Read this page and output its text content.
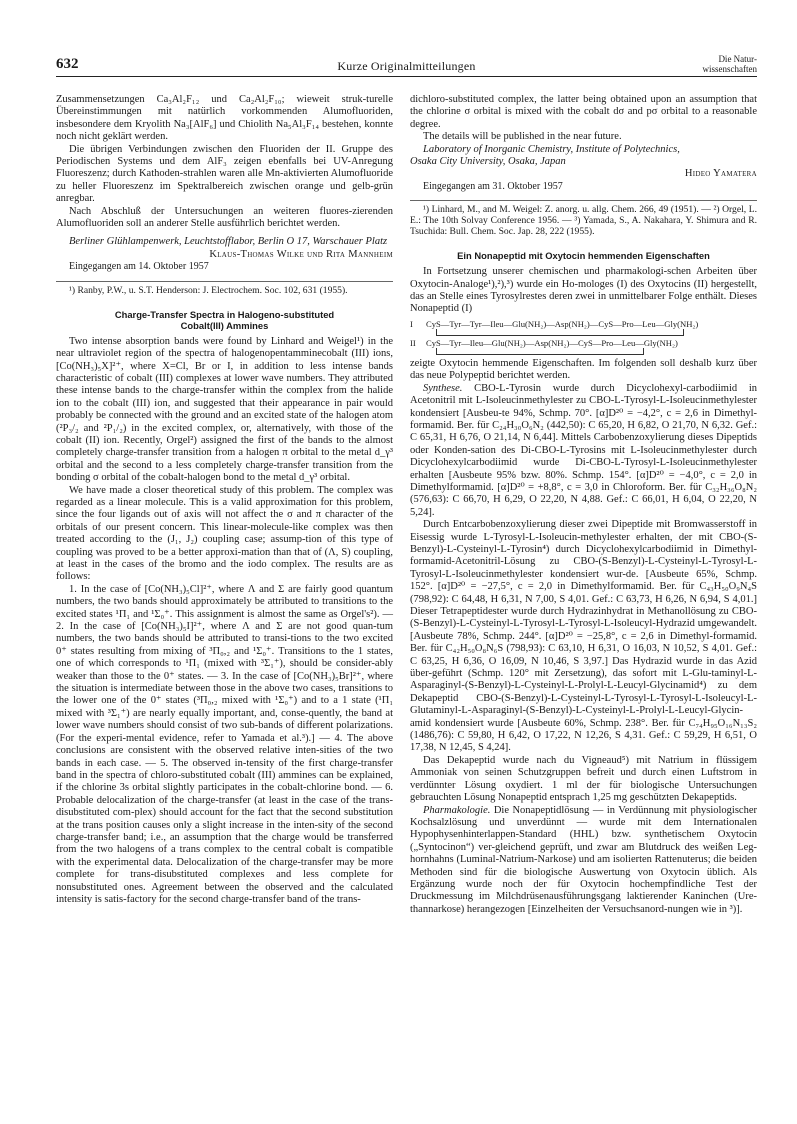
632	Kurze Originalmitteilungen	Die Natur-
wissenschaften

Zusammensetzungen Ca₃Al₂F₁₂ und Ca₂Al₂F₁₀; wieweit struk-turelle Übereinstimmungen mit natürlich vorkommenden Alumofluoriden, insbesondere dem Kryolith Na₃[AlF₆] und Chiolith Na₅Al₃F₁₄ bestehen, konnte noch nicht geklärt werden.

Die übrigen Verbindungen zwischen den Fluoriden der II. Gruppe des Periodischen Systems und dem AlF₃ zeigen ebenfalls bei UV-Anregung Fluoreszenz; durch Kathoden-strahlen waren alle Mn-aktivierten Alumofluoride zu heller Fluoreszenz im Spektralbereich zwischen orange und gelb-grün anregbar.

Nach Abschluß der Untersuchungen an weiteren fluores-zierenden Alumofluoriden soll an anderer Stelle ausführlich berichtet werden.

Berliner Glühlampenwerk, Leuchtstofflabor, Berlin O 17, Warschauer Platz

Klaus-Thomas Wilke und Rita Mannheim

Eingegangen am 14. Oktober 1957

¹) Ranby, P.W., u. S.T. Henderson: J. Electrochem. Soc. 102, 631 (1955).
Charge-Transfer Spectra in Halogeno-substituted
Cobalt(III) Ammines

Two intense absorption bands were found by Linhard and Weigel¹) in the near ultraviolet region of the spectra of halogenopentamminecobalt (III) ions, [Co(NH₃)₅X]²⁺, where X=Cl, Br or I, in addition to less intense bands characteristic of cobalt (III) complexes at lower wave numbers. They attributed these intense bands to the charge-transfer within the complex from the halide ion to the cobalt (III) ion, and suggested that their appearance in pair would probably be connected with the ground and an excited state of the halogen atom (²P₃/₂ and ²P₁/₂) in the excited complex, or, alternatively, with those of the cobalt (II) ion. Recently, Orgel²) assigned the first of the bands to the almost completely charge-transfer transition from a halogen π orbital to the metal d_γ³ orbital and the second to a less completely charge-transfer transition from the bonding σ orbital of the cobalt-halogen bond to the metal d_γ³ orbital.

We have made a closer theoretical study of this problem. The complex was regarded as a linear molecule. This is a valid approximation for this problem, since the four ligands out of axis will not affect the σ and π character of the orbitals of our present concern. This linear-molecule-like complex was then treated according to the (J₁, J₂) coupling case; assump-tion of this type of coupling was proved to be a better approxi-mation than that of (Λ, S) coupling, at least in the cases of the bromo and the iodo complex. The results are as follows:

1. In the case of [Co(NH₃)₅Cl]²⁺, where Λ and Σ are fairly good quantum numbers, the two bands should approximately be attributed to transitions to the excited states ¹Π₁ and ¹Σ₀⁺. This assignment is almost the same as Orgel's²). — 2. In the case of [Co(NH₃)₅I]²⁺, where Λ and Σ are not good quan-tum numbers, the two bands should be attributed to transi-tions to the two excited 0⁺ states resulting from mixing of ³Π₀,₂ and ¹Σ₀⁺. Transitions to the 1 states, one of which corresponds to ¹Π₁ (mixed with ³Σ₁⁺), should be consider-ably weaker than those to the 0⁺ states. — 3. In the case of [Co(NH₃)₅Br]²⁺, where the situation is intermediate between those in the above two cases, transitions to the lower one of the 0⁺ states (³Π₀,₂ mixed with ¹Σ₀⁺) and to a 1 state (¹Π₁ mixed with ³Σ₁⁺) are nearly equally important, and, conse-quently, the band at lower wave numbers should consist of two sub-bands of different polarizations. (For the experi-mental evidence, refer to Yamada et al.³).] — 4. The above conclusions are consistent with the observed relative inten-sities of the two bands in each case. — 5. The observed in-tensity of the first charge-transfer band in the spectra of chloro-substituted cobalt (III) ammines can be explained, if the chlorine 3s orbital slightly participates in the cobalt-chlorine bond. — 6. Probable delocalization of the charge-transfer (at least in the case of the trans-disubstituted com-plex) should account for the fact that the second substitution at the trans position causes only a slight increase in the inten-sity of the second charge-transfer band; i.e., an assumption that the charge would be transferred from the two halogens of a trans complex to the central cobalt is compatible with the experimental data. Delocalization of the charge-transfer may be more complete for trans-disubstituted complexes and less complete for nonsubstituted ones. Agreement between the observed and the calculated intensity is satis-factory for the second charge-transfer band of the trans-

dichloro-substituted complex, the latter being obtained upon an assumption that the chlorine σ orbital is mixed with the cobalt dσ and pσ orbital to a reasonable degree.

The details will be published in the near future.

Laboratory of Inorganic Chemistry, Institute of Polytechnics,
Osaka City University, Osaka, Japan

Hideo Yamatera

Eingegangen am 31. Oktober 1957

¹) Linhard, M., and M. Weigel: Z. anorg. u. allg. Chem. 266, 49 (1951). — ²) Orgel, L. E.: The 10th Solvay Conference 1956. — ³) Yamada, S., A. Nakahara, Y. Shimura and R. Tsuchida: Bull. Chem. Soc. Jap. 28, 222 (1955).
Ein Nonapeptid mit Oxytocin hemmenden Eigenschaften

In Fortsetzung unserer chemischen und pharmakologi-schen Arbeiten über Oxytocin-Analoge¹),²),³) wurde ein Ho-mologes (I) des Oxytocins (II) hergestellt, das an Stelle eines Tyrosylrestes deren zwei in unmittelbarer Folge enthält. Dieses Nonapeptid (I)

I	CyS—Tyr—Tyr—Ileu—Glu(NH₂)—Asp(NH₂)—CyS—Pro—Leu—Gly(NH₂)
II	CyS—Tyr—Ileu—Glu(NH₂)—Asp(NH₂)—CyS—Pro—Leu—Gly(NH₂)

zeigte Oxytocin hemmende Eigenschaften. Im folgenden soll deshalb kurz über das neue Polypeptid berichtet werden.

Synthese. CBO-L-Tyrosin wurde durch Dicyclohexyl-carbodiimid in Acetonitril mit L-Isoleucinmethylester zu CBO-L-Tyrosyl-L-Isoleucinmethylester kondensiert [Ausbeu-te 94%, Schmp. 70°. [α]D²⁰ = −4,2°, c = 2,6 in Dimethyl-formamid. Ber. für C₂₄H₃₀O₆N₂ (442,50): C 65,20, H 6,82, O 21,70, N 6,32. Gef.: C 65,31, H 6,76, O 21,14, N 6,44]. Mittels Carbobenzoxylierung dieses Dipeptids oder Konden-sation des Di-CBO-L-Tyrosins mit L-Isoleucinmethylester durch Dicyclohexylcarbodiimid wurde Di-CBO-L-Tyrosyl-L-Isoleucinmethylester erhalten [Ausbeute 95% bzw. 80%. Schmp. 154°. [α]D²⁰ = −4,0°, c = 2,0 in Dimethylformamid. [α]D²⁰ = +8,8°, c = 3,0 in Chloroform. Ber. für C₃₂H₃₆O₈N₂ (576,63): C 66,70, H 6,29, O 22,20, N 4,88. Gef.: C 66,01, H 6,04, O 22,20, N 5,24].

Durch Entcarbobenzoxylierung dieser zwei Dipeptide mit Bromwasserstoff in Eisessig wurde L-Tyrosyl-L-Isoleucin-methylester erhalten, der mit CBO-(S-Benzyl)-L-Cysteinyl-L-Tyrosin⁴) durch Dicyclohexylcarbodiimid in Dimethyl-formamid-Acetonitril-Lösung zu CBO-(S-Benzyl)-L-Cysteinyl-L-Tyrosyl-L-Tyrosyl-L-Isoleucinmethylester kondensiert wur-de. [Ausbeute 65%, Schmp. 152°. [α]D²⁰ = −27,5°, c = 2,0 in Dimethylformamid. Ber. für C₄₃H₅₀O₉N₄S (798,92): C 64,48, H 6,31, N 7,00, S 4,01. Gef.: C 63,73, H 6,26, N 6,94, S 4,01.] Dieser Tetrapeptidester wurde durch Hydrazinhydrat in Methanollösung zu CBO-(S-Benzyl)-L-Cysteinyl-L-Tyrosyl-L-Tyrosyl-L-Isoleucyl-Hydrazid umgewandelt. [Ausbeute 78%, Schmp. 244°. [α]D²⁰ = −25,8°, c = 2,6 in Dimethyl-formamid. Ber. für C₄₂H₅₀O₈N₆S (798,93): C 63,10, H 6,31, O 16,03, N 10,52, S 4,01. Gef.: C 63,25, H 6,36, O 16,09, N 10,46, S 3,97.] Das Hydrazid wurde in das Azid über-geführt (Schmp. 120° mit Zersetzung), das sofort mit L-Glu-taminyl-L-Asparaginyl-(S-Benzyl)-L-Cysteinyl-L-Prolyl-L-Leucyl-Glycinamid⁴) zu dem Dekapeptid CBO-(S-Benzyl)-L-Cysteinyl-L-Tyrosyl-L-Tyrosyl-L-Isoleucyl-L-Glutaminyl-L-Asparaginyl-(S-Benzyl)-L-Cysteinyl-L-Prolyl-L-Leucyl-Glycin-amid kondensiert wurde [Ausbeute 60%, Schmp. 238°. Ber. für C₇₄H₉₅O₁₆N₁₃S₂ (1486,76): C 59,80, H 6,42, O 17,22, N 12,26, S 4,31. Gef.: C 59,29, H 6,51, O 17,38, N 12,45, S 4,24].

Das Dekapeptid wurde nach du Vigneaud⁵) mit Natrium in flüssigem Ammoniak von seinen Schutzgruppen befreit und durch einen Luftstrom in verdünnter Lösung oxydiert. 1 ml der für biologische Untersuchungen gebrauchten Lösung Nonapeptid entsprach 1,25 mg geschützten Dekapeptids.

Pharmakologie. Die Nonapeptidlösung — in Verdünnung mit physiologischer Kochsalzlösung und unverdünnt — wurde mit dem Internationalen Hypophysenhinterlappen-Standard (HHL) bzw. synthetischem Oxytocin („Syntocinon“) ver-gleichend geprüft, und zwar am Blutdruck des weißen Leg-hornhahns (Luminal-Natrium-Narkose) und am isolierten Rattenuterus; die beiden Methoden sind für die biologische Auswertung von Oxytocin üblich. Als Ergänzung wurde noch der für Oxytocin hochempfindliche Test der Druckmessung im Milchdrüsenausführungsgang laktierender Kaninchen (Ure-thannarkose) herangezogen [Einzelheiten der Versuchsanord-nungen wie in ³)].
